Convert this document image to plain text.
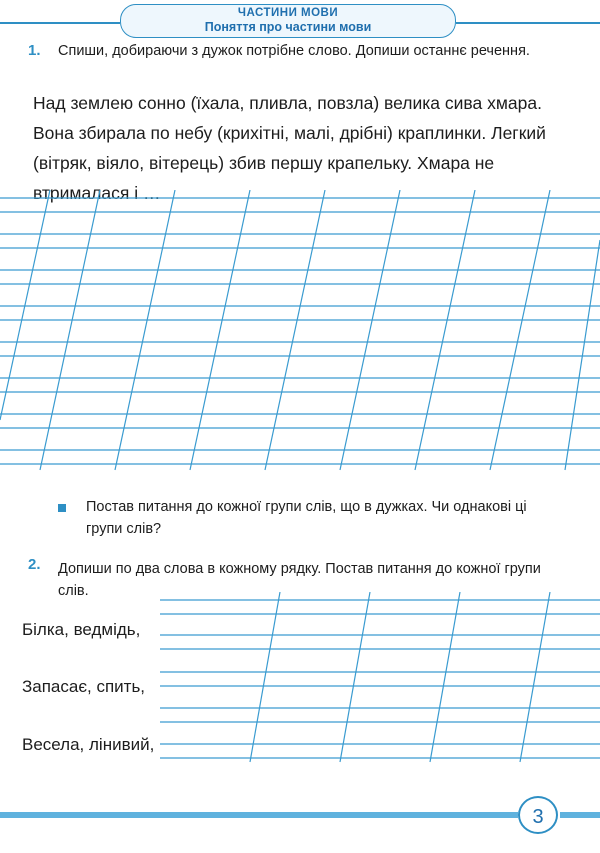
ЧАСТИНИ МОВИ
Поняття про частини мови
1. Спиши, добираючи з дужок потрібне слово. Допиши останнє речення.
Над землею сонно (їхала, пливла, повзла) велика сива хмара. Вона збирала по небу (крихітні, малі, дрібні) краплинки. Легкий (вітряк, віяло, вітерець) збив першу крапельку. Хмара не втрималася і …
Постав питання до кожної групи слів, що в дужках. Чи однакові ці групи слів?
2. Допиши по два слова в кожному рядку. Постав питання до кожної групи слів.
Білка, ведмідь,
Запасає, спить,
Весела, лінивий,
3
